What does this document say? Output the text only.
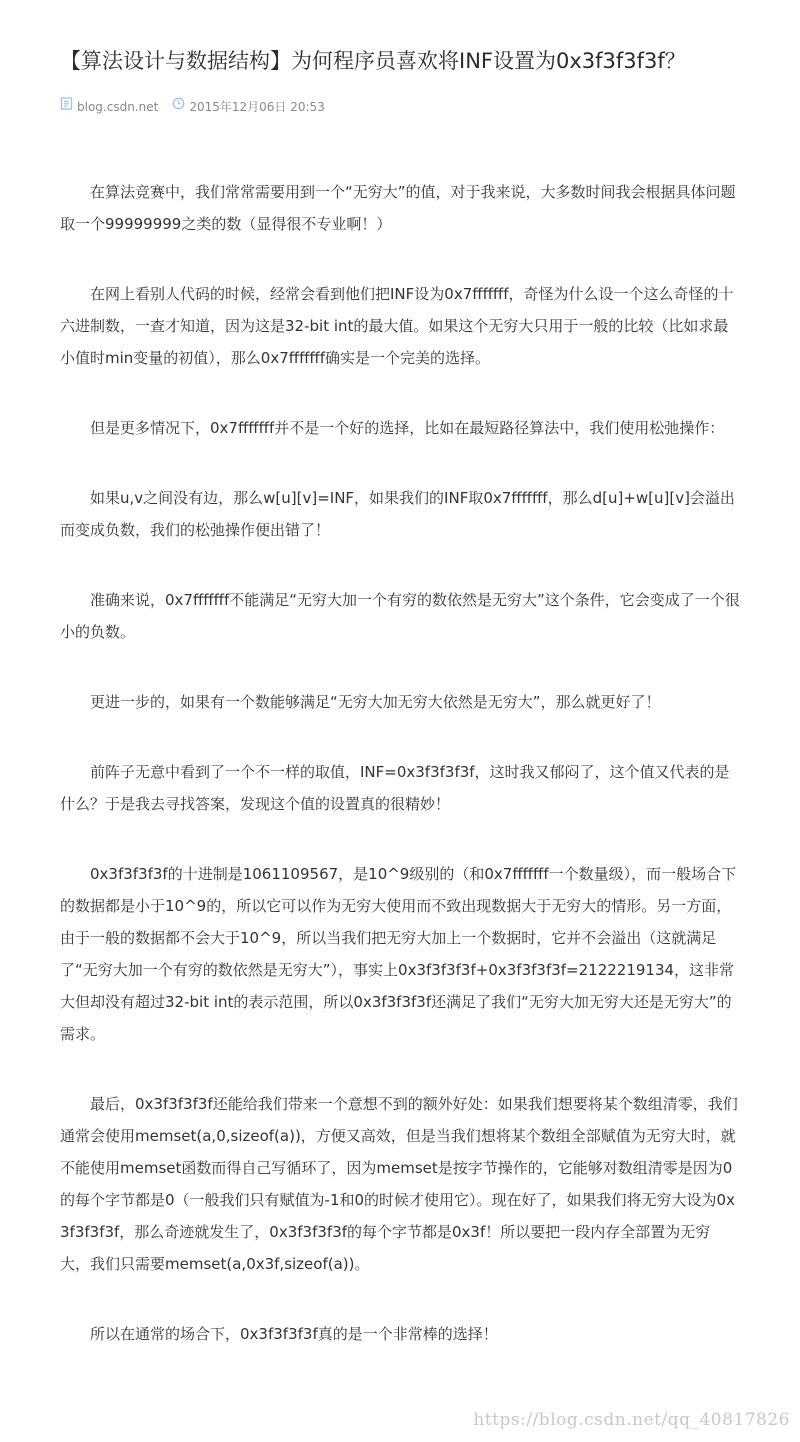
【算法设计与数据结构】为何程序员喜欢将INF设置为0x3f3f3f3f？
blog.csdn.net	2015年12月06日 20:53

在算法竞赛中，我们常常需要用到一个“无穷大”的值，对于我来说，大多数时间我会根据具体问题取一个99999999之类的数（显得很不专业啊！）

在网上看别人代码的时候，经常会看到他们把INF设为0x7fffffff，奇怪为什么设一个这么奇怪的十六进制数，一查才知道，因为这是32-bit int的最大值。如果这个无穷大只用于一般的比较（比如求最小值时min变量的初值），那么0x7fffffff确实是一个完美的选择。

但是更多情况下，0x7fffffff并不是一个好的选择，比如在最短路径算法中，我们使用松弛操作：

如果u,v之间没有边，那么w[u][v]=INF，如果我们的INF取0x7fffffff，那么d[u]+w[u][v]会溢出而变成负数，我们的松弛操作便出错了！

准确来说，0x7fffffff不能满足“无穷大加一个有穷的数依然是无穷大”这个条件，它会变成了一个很小的负数。

更进一步的，如果有一个数能够满足“无穷大加无穷大依然是无穷大”，那么就更好了！

前阵子无意中看到了一个不一样的取值，INF=0x3f3f3f3f，这时我又郁闷了，这个值又代表的是什么？于是我去寻找答案，发现这个值的设置真的很精妙！

0x3f3f3f3f的十进制是1061109567，是10^9级别的（和0x7fffffff一个数量级），而一般场合下的数据都是小于10^9的，所以它可以作为无穷大使用而不致出现数据大于无穷大的情形。另一方面，由于一般的数据都不会大于10^9，所以当我们把无穷大加上一个数据时，它并不会溢出（这就满足了“无穷大加一个有穷的数依然是无穷大”），事实上0x3f3f3f3f+0x3f3f3f3f=2122219134，这非常大但却没有超过32-bit int的表示范围，所以0x3f3f3f3f还满足了我们“无穷大加无穷大还是无穷大”的需求。

最后，0x3f3f3f3f还能给我们带来一个意想不到的额外好处：如果我们想要将某个数组清零，我们通常会使用memset(a,0,sizeof(a))，方便又高效，但是当我们想将某个数组全部赋值为无穷大时，就不能使用memset函数而得自己写循环了，因为memset是按字节操作的，它能够对数组清零是因为0的每个字节都是0（一般我们只有赋值为-1和0的时候才使用它）。现在好了，如果我们将无穷大设为0x3f3f3f3f，那么奇迹就发生了，0x3f3f3f3f的每个字节都是0x3f！所以要把一段内存全部置为无穷大，我们只需要memset(a,0x3f,sizeof(a))。

所以在通常的场合下，0x3f3f3f3f真的是一个非常棒的选择！

https://blog.csdn.net/qq_40817826
